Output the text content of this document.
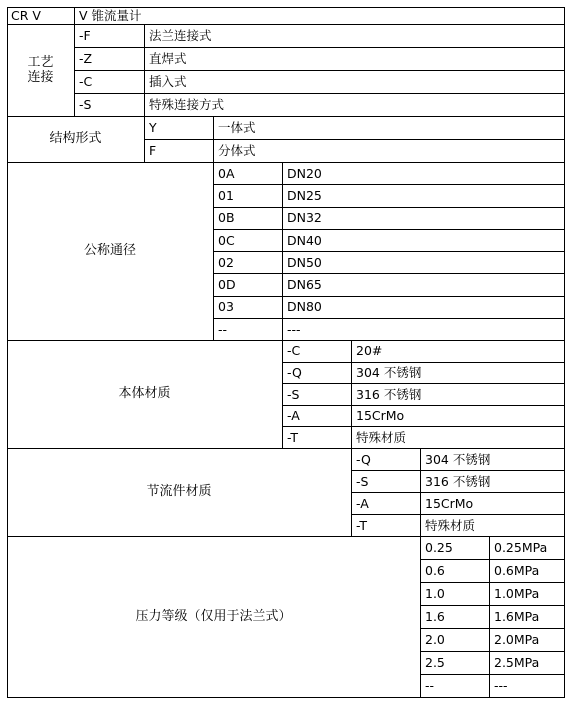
CR V	V 锥流量计
工艺
连接
-F	法兰连接式
-Z	直焊式
-C	插入式
-S	特殊连接方式
结构形式
Y	一体式
F	分体式
公称通径
0A	DN20
01	DN25
0B	DN32
0C	DN40
02	DN50
0D	DN65
03	DN80
--	---
本体材质
-C	20#
-Q	304 不锈钢
-S	316 不锈钢
-A	15CrMo
-T	特殊材质
节流件材质
-Q	304 不锈钢
-S	316 不锈钢
-A	15CrMo
-T	特殊材质
压力等级（仅用于法兰式）
0.25	0.25MPa
0.6	0.6MPa
1.0	1.0MPa
1.6	1.6MPa
2.0	2.0MPa
2.5	2.5MPa
--	---
